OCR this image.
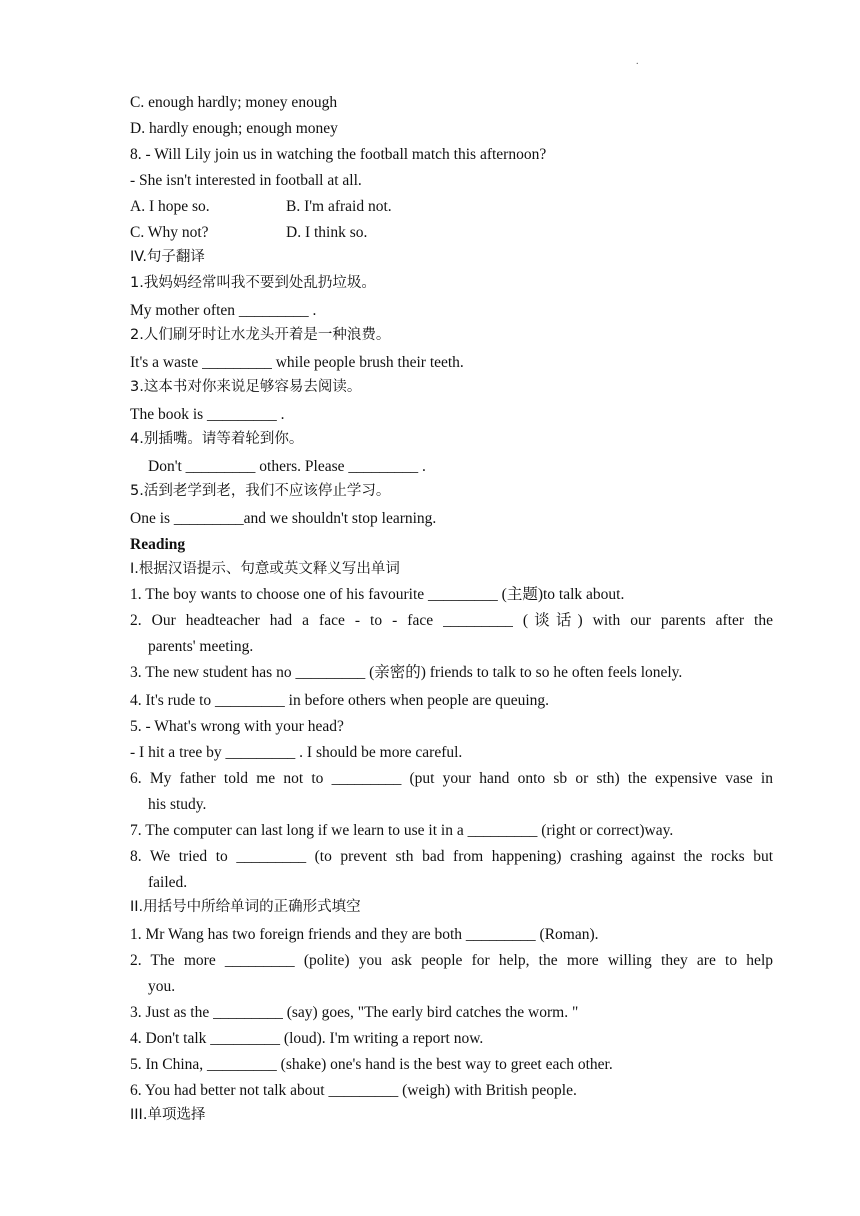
.
C. enough hardly; money enough
D. hardly enough; enough money
8. - Will Lily join us in watching the football match this afternoon?
- She isn't interested in football at all.
A. I hope so.	B. I'm afraid not.
C. Why not?	D. I think so.
IV.句子翻译
1.我妈妈经常叫我不要到处乱扔垃圾。
My mother often _________ .
2.人们刷牙时让水龙头开着是一种浪费。
It's a waste _________ while people brush their teeth.
3.这本书对你来说足够容易去阅读。
The book is _________ .
4.别插嘴。请等着轮到你。
Don't _________ others. Please _________ .
5.活到老学到老，我们不应该停止学习。
One is _________and we shouldn't stop learning.
Reading
I.根据汉语提示、句意或英文释义写出单词
1. The boy wants to choose one of his favourite _________ (主题)to talk about.
2. Our headteacher had a face - to - face _________ (谈话) with our parents after the
parents' meeting.
3. The new student has no _________ (亲密的) friends to talk to so he often feels lonely.
4. It's rude to _________ in before others when people are queuing.
5. - What's wrong with your head?
- I hit a tree by _________ . I should be more careful.
6. My father told me not to _________ (put your hand onto sb or sth) the expensive vase in
his study.
7. The computer can last long if we learn to use it in a _________ (right or correct)way.
8. We tried to _________ (to prevent sth bad from happening) crashing against the rocks but
failed.
II.用括号中所给单词的正确形式填空
1. Mr Wang has two foreign friends and they are both _________ (Roman).
2. The more _________ (polite) you ask people for help, the more willing they are to help
you.
3. Just as the _________ (say) goes, "The early bird catches the worm. "
4. Don't talk _________ (loud). I'm writing a report now.
5. In China, _________ (shake) one's hand is the best way to greet each other.
6. You had better not talk about _________ (weigh) with British people.
III.单项选择
